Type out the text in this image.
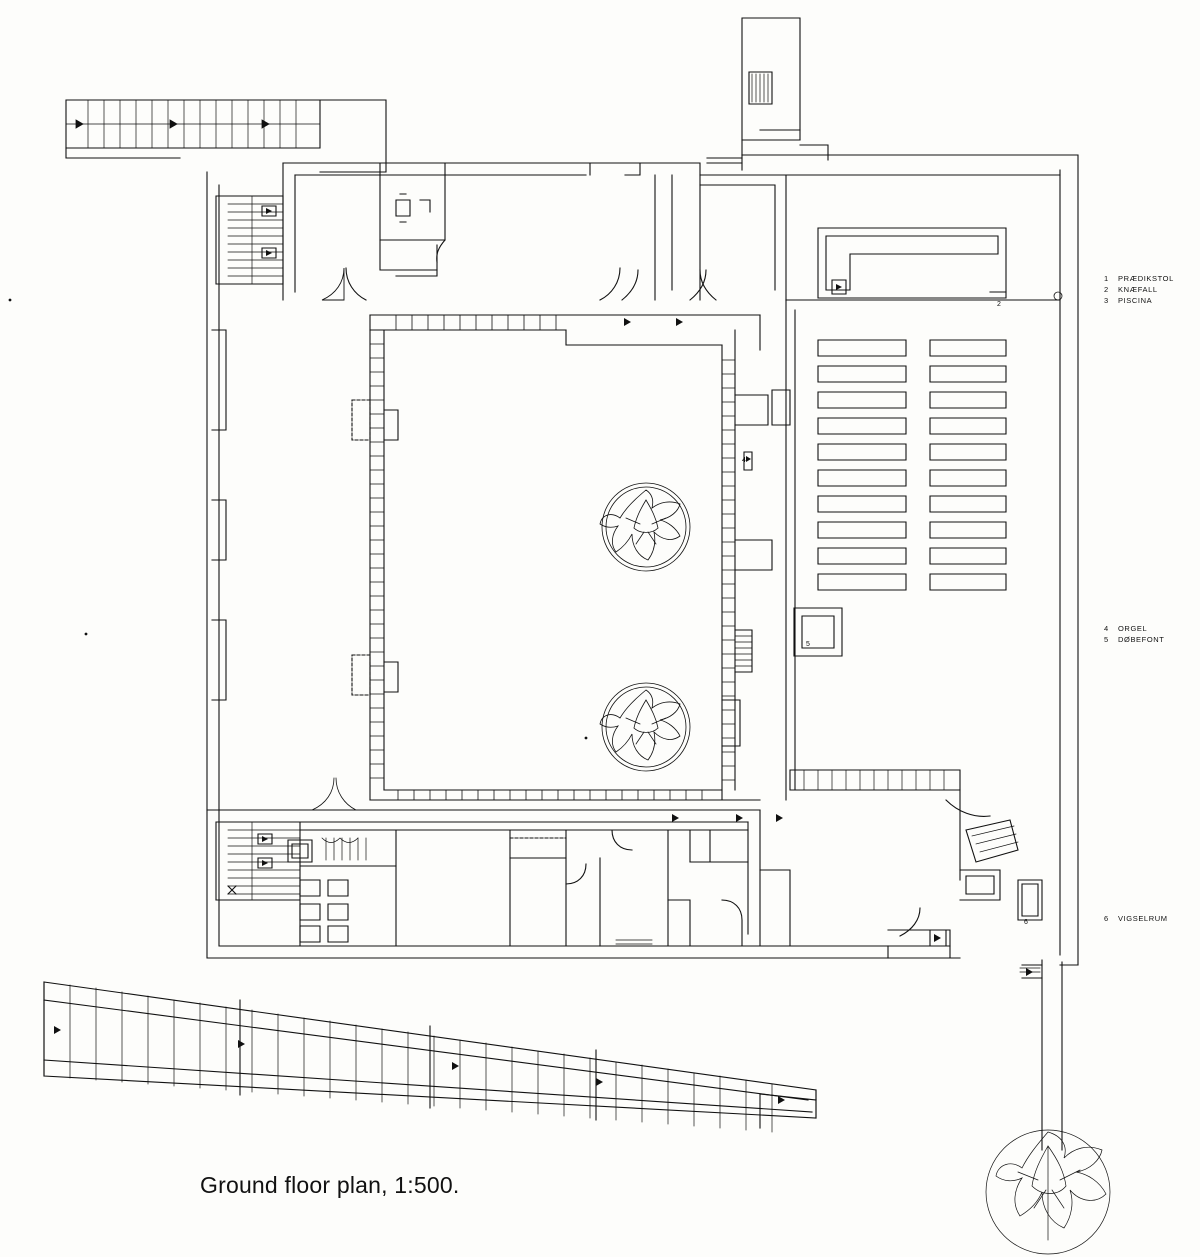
2
4
5
6
1 PRÆDIKSTOL
2 KNÆFALL
3 PISCINA
4 ORGEL
5 DØBEFONT
6 VIGSELRUM
Ground floor plan, 1:500.
